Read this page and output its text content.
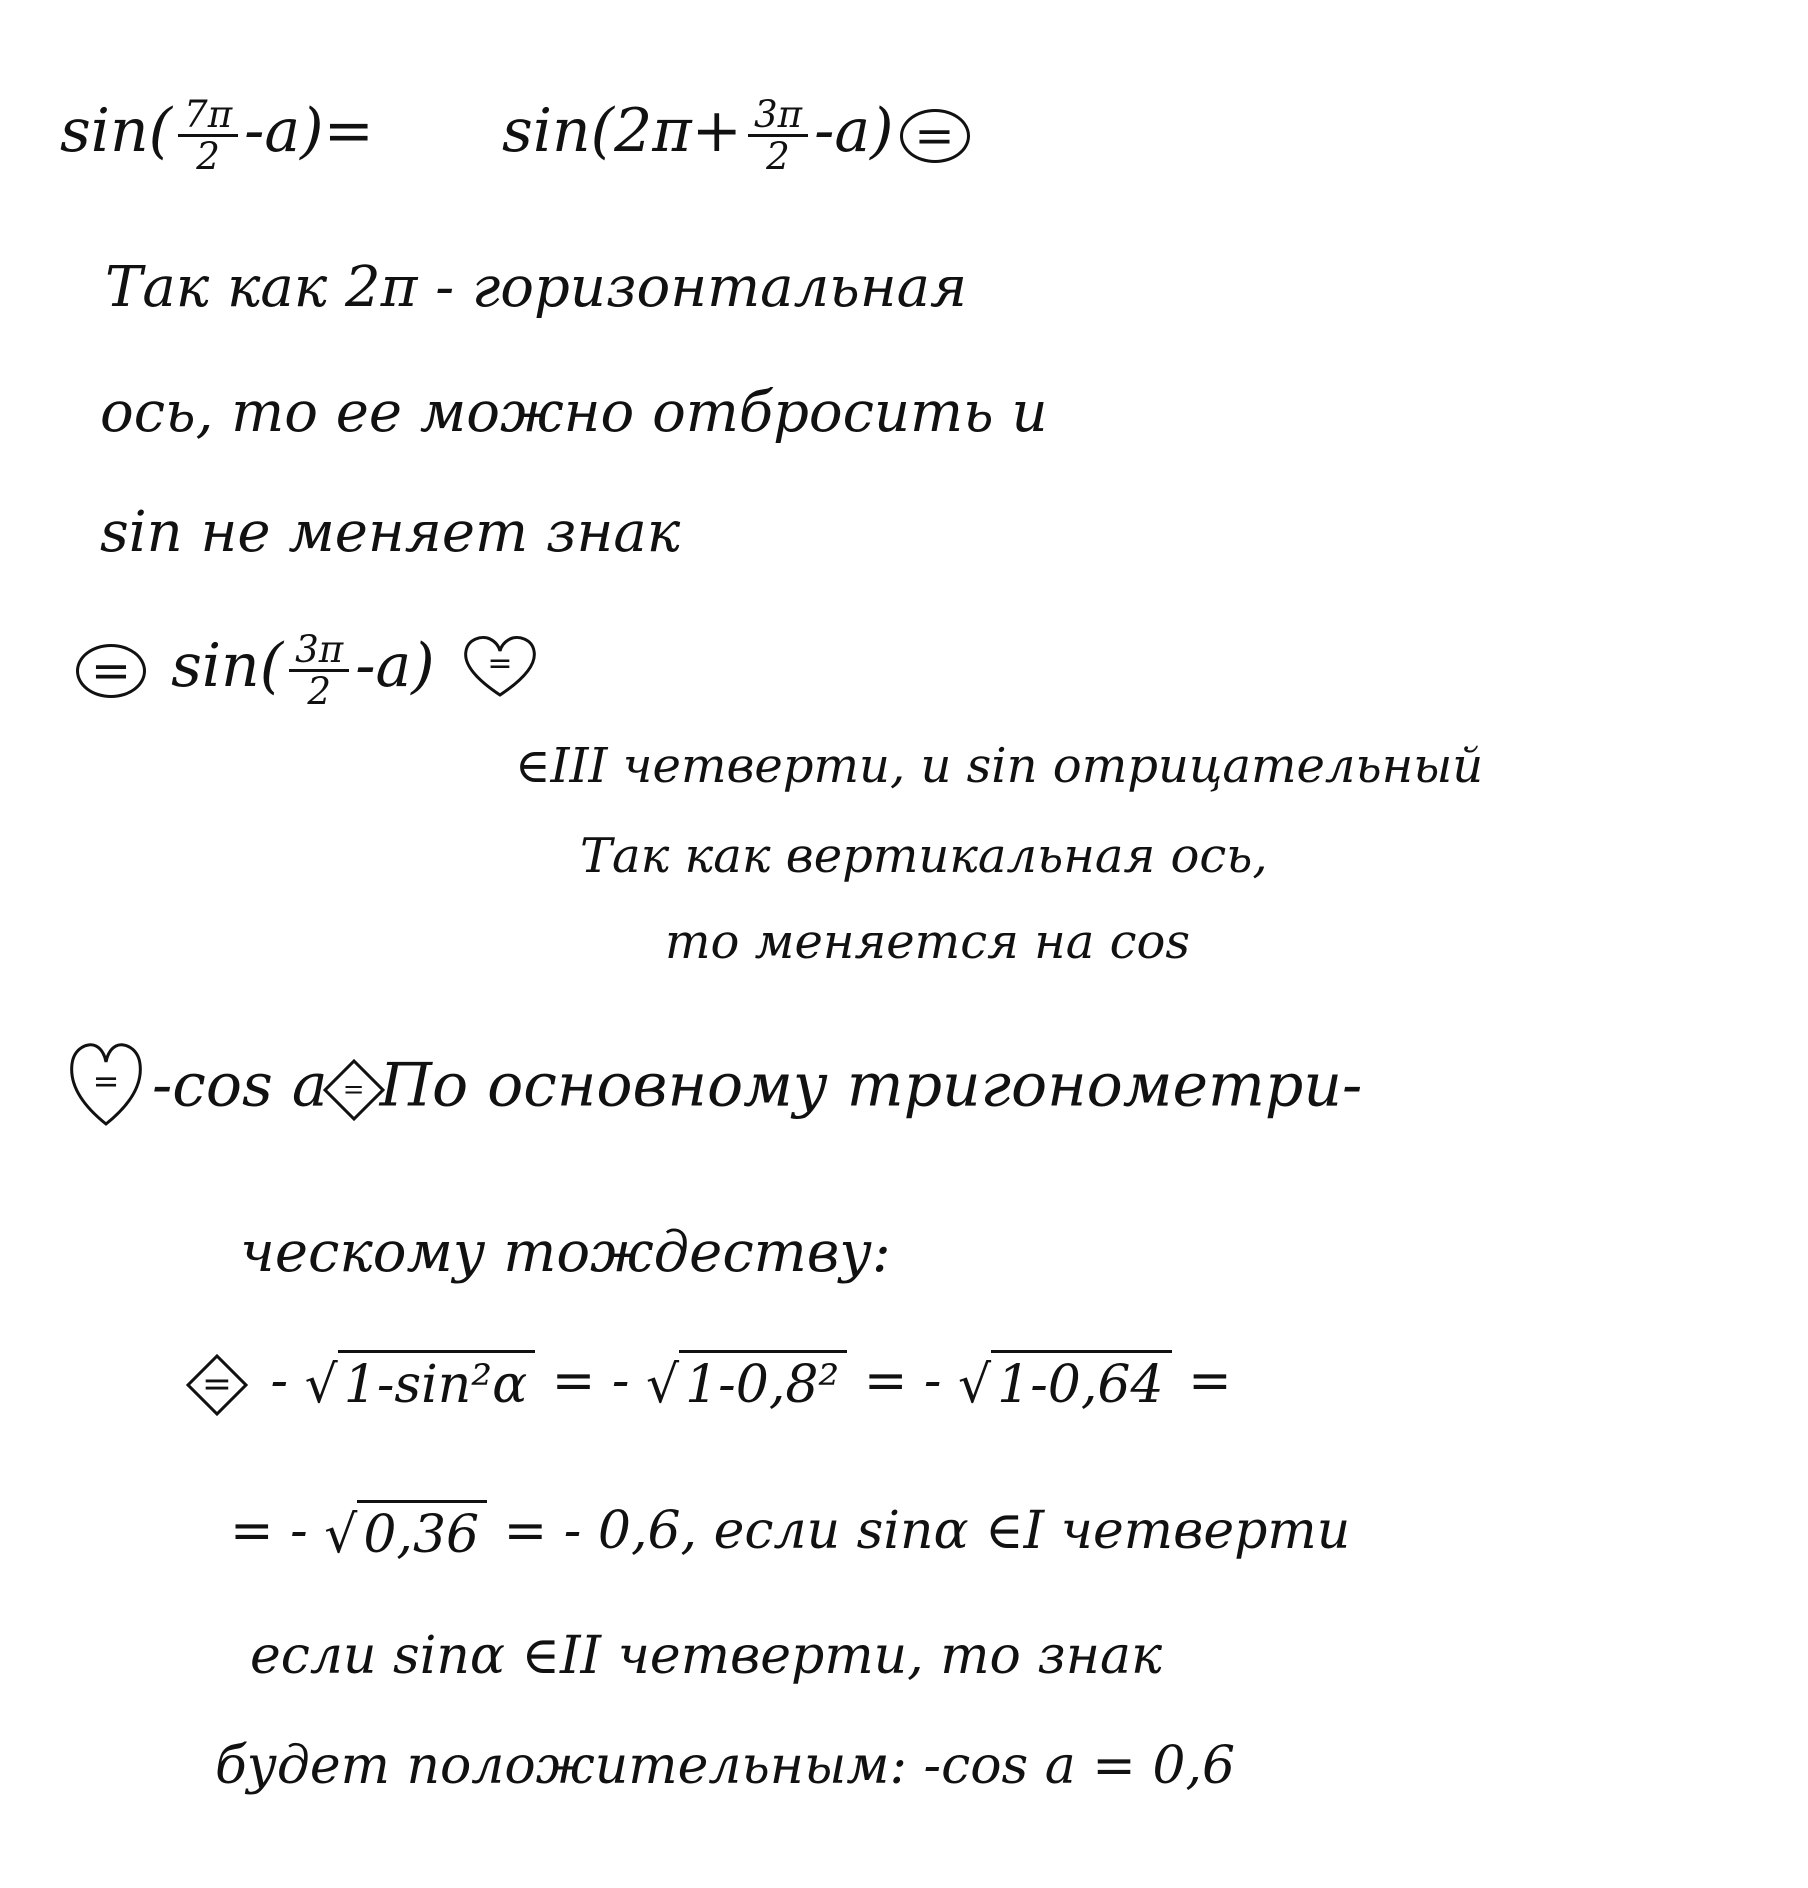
$\sin( \frac{7\pi}{2} -a)= \sin(2\pi+ \frac{3\pi}{2} -a)$ =
Так как 2π - горизонтальная
ось, то ее можно отбросить и
sin не меняет знак
= $\sin( \frac{3\pi}{2} -a)$ =
∈III четверти, и sin отрицательный
Так как вертикальная ось,
то меняется на cos
= -cos a = По основному тригонометри-
ческому тождеству:
= - √ 1-sin²α = - √ 1-0,8² = - √ 1-0,64 =
= - √ 0,36 = - 0,6, если sinα ∈I четверти
если sinα ∈II четверти, то знак
будет положительным: -cos a = 0,6
